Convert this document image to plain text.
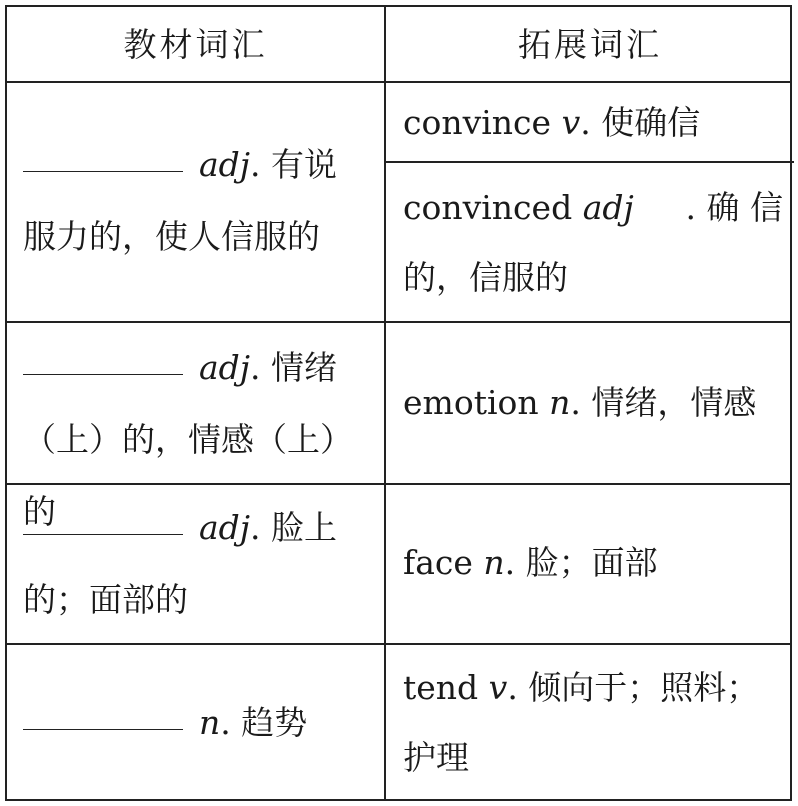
教材词汇	拓展词汇
adj. 有说
服力的，使人信服的
convince v. 使确信
convinced adj . 确 信
的，信服的
adj. 情绪
（上）的，情感（上）的
emotion n. 情绪，情感
adj. 脸上
的；面部的
face n. 脸；面部
n. 趋势
tend v. 倾向于；照料；
护理
